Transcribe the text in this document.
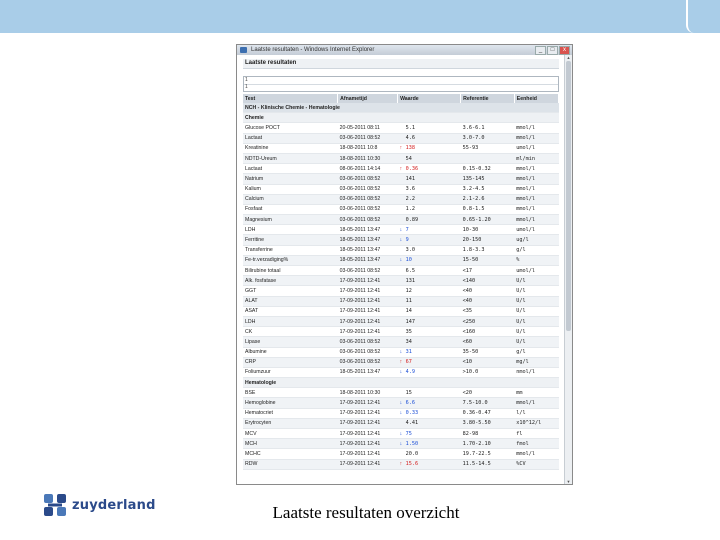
Laatste resultaten - Windows Internet Explorer	_	□	x
Laatste resultaten
1
1
Test	Afnametijd	Waarde	Referentie	Eenheid
NCH - Klinische Chemie - Hematologie				
Chemie				
Glucose POCT	20-05-2011 08:11	5.1	3.6-6.1	mmol/l
Lactaat	03-06-2011 08:52	4.6	3.0-7.0	mmol/l
Kreatinine	18-08-2011 10:8	↑ 138	55-93	umol/l
NDTD-Ureum	18-08-2011 10:30	54		ml/min
Lactaat	08-06-2011 14:14	↑ 0.36	0.15-0.32	mmol/l
Natrium	03-06-2011 08:52	141	135-145	mmol/l
Kalium	03-06-2011 08:52	3.6	3.2-4.5	mmol/l
Calcium	03-06-2011 08:52	2.2	2.1-2.6	mmol/l
Fosfaat	03-06-2011 08:52	1.2	0.8-1.5	mmol/l
Magnesium	03-06-2011 08:52	0.89	0.65-1.20	mmol/l
LDH	18-05-2011 13:47	↓ 7	10-30	umol/l
Ferritine	18-05-2011 13:47	↓ 9	20-150	ug/l
Transferrine	18-05-2011 13:47	3.0	1.8-3.3	g/l
Fe-tr.verzadiging%	18-05-2011 13:47	↓ 10	15-50	%
Bilirubine totaal	03-06-2011 08:52	6.5	<17	umol/l
Alk. fosfatase	17-09-2011 12:41	131	<140	U/l
GGT	17-09-2011 12:41	12	<40	U/l
ALAT	17-09-2011 12:41	11	<40	U/l
ASAT	17-09-2011 12:41	14	<35	U/l
LDH	17-09-2011 12:41	147	<250	U/l
CK	17-09-2011 12:41	35	<160	U/l
Lipase	03-06-2011 08:52	34	<60	U/l
Albumine	03-06-2011 08:52	↓ 31	35-50	g/l
CRP	03-06-2011 08:52	↑ 67	<10	mg/l
Foliumzuur	18-05-2011 13:47	↓ 4.9	>10.0	nmol/l
Hematologie				
BSE	18-08-2011 10:30	15	<20	mm
Hemoglobine	17-09-2011 12:41	↓ 6.6	7.5-10.0	mmol/l
Hematocriet	17-09-2011 12:41	↓ 0.33	0.36-0.47	l/l
Erytrocyten	17-09-2011 12:41	4.41	3.80-5.50	x10^12/l
MCV	17-09-2011 12:41	↓ 75	82-98	fl
MCH	17-09-2011 12:41	↓ 1.50	1.70-2.10	fmol
MCHC	17-09-2011 12:41	20.0	19.7-22.5	mmol/l
RDW	17-09-2011 12:41	↑ 15.6	11.5-14.5	%CV
▲
▼
zuyderland	Laatste resultaten overzicht
